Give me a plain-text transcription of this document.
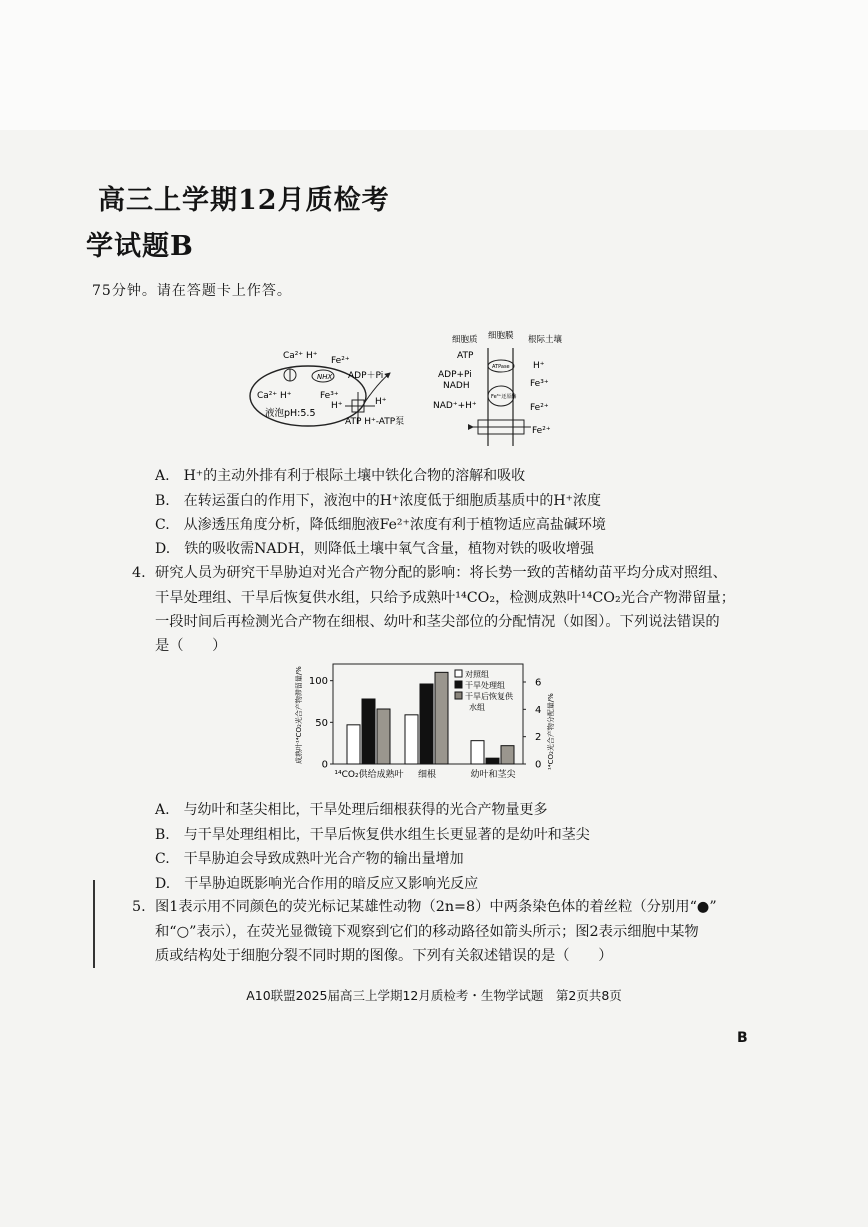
高三上学期12月质检考
学试题B
75分钟。请在答题卡上作答。
Ca²⁺ H⁺ Fe²⁺
NHX
Ca²⁺ H⁺	Fe³⁺
ADP＋Pi
H⁺	H⁺
液泡pH:5.5
ATP H⁺-ATP泵
细胞质 细胞膜 根际土壤
ATP
ATPase	H⁺
ADP+Pi
NADH	Fe³⁺
Fe³⁺还原酶
NAD⁺+H⁺	Fe²⁺
Fe²⁺
A.　 H⁺的主动外排有利于根际土壤中铁化合物的溶解和吸收
B.　 在转运蛋白的作用下，液泡中的H⁺浓度低于细胞质基质中的H⁺浓度
C.　 从渗透压角度分析，降低细胞液Fe²⁺浓度有利于植物适应高盐碱环境
D.　 铁的吸收需NADH，则降低土壤中氧气含量，植物对铁的吸收增强
4. 研究人员为研究干旱胁迫对光合产物分配的影响：将长势一致的苦槠幼苗平均分成对照组、
干旱处理组、干旱后恢复供水组，只给予成熟叶¹⁴CO₂，检测成熟叶¹⁴CO₂光合产物滞留量；
一段时间后再检测光合产物在细根、幼叶和茎尖部位的分配情况（如图）。下列说法错误的
是（　　）
0
50
100
0
2
4
6
成熟叶¹⁴CO₂光合产物滞留量/%	¹⁴CO₂光合产物分配量/%
¹⁴CO₂供给成熟叶 细根	幼叶和茎尖
对照组
干旱处理组
干旱后恢复供
水组
A.　 与幼叶和茎尖相比，干旱处理后细根获得的光合产物量更多
B.　 与干旱处理组相比，干旱后恢复供水组生长更显著的是幼叶和茎尖
C.　 干旱胁迫会导致成熟叶光合产物的输出量增加
D.　 干旱胁迫既影响光合作用的暗反应又影响光反应
5. 图1表示用不同颜色的荧光标记某雄性动物（2n=8）中两条染色体的着丝粒（分别用“●”
和“○”表示），在荧光显微镜下观察到它们的移动路径如箭头所示；图2表示细胞中某物
质或结构处于细胞分裂不同时期的图像。下列有关叙述错误的是（　　）
A10联盟2025届高三上学期12月质检考・生物学试题　第2页共8页
B
